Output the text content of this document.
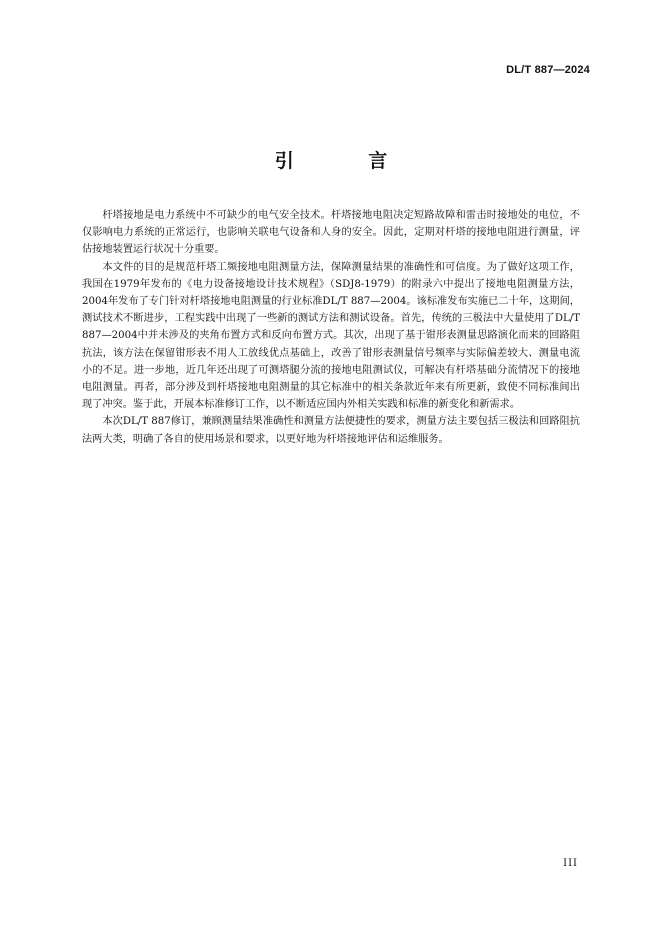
DL/T 887—2024
引 言

杆塔接地是电力系统中不可缺少的电气安全技术。杆塔接地电阻决定短路故障和雷击时接地处的电位，不仅影响电力系统的正常运行，也影响关联电气设备和人身的安全。因此，定期对杆塔的接地电阻进行测量，评估接地装置运行状况十分重要。

本文件的目的是规范杆塔工频接地电阻测量方法，保障测量结果的准确性和可信度。为了做好这项工作，我国在1979年发布的《电力设备接地设计技术规程》（SDJ8-1979）的附录六中提出了接地电阻测量方法，2004年发布了专门针对杆塔接地电阻测量的行业标准DL/T 887—2004。该标准发布实施已二十年，这期间，测试技术不断进步，工程实践中出现了一些新的测试方法和测试设备。首先，传统的三极法中大量使用了DL/T 887—2004中并未涉及的夹角布置方式和反向布置方式。其次，出现了基于钳形表测量思路演化而来的回路阻抗法，该方法在保留钳形表不用人工放线优点基础上，改善了钳形表测量信号频率与实际偏差较大、测量电流小的不足。进一步地，近几年还出现了可测塔腿分流的接地电阻测试仪，可解决有杆塔基础分流情况下的接地电阻测量。再者，部分涉及到杆塔接地电阻测量的其它标准中的相关条款近年来有所更新，致使不同标准间出现了冲突。鉴于此，开展本标准修订工作，以不断适应国内外相关实践和标准的新变化和新需求。

本次DL/T 887修订，兼顾测量结果准确性和测量方法便捷性的要求，测量方法主要包括三极法和回路阻抗法两大类，明确了各自的使用场景和要求，以更好地为杆塔接地评估和运维服务。

III
